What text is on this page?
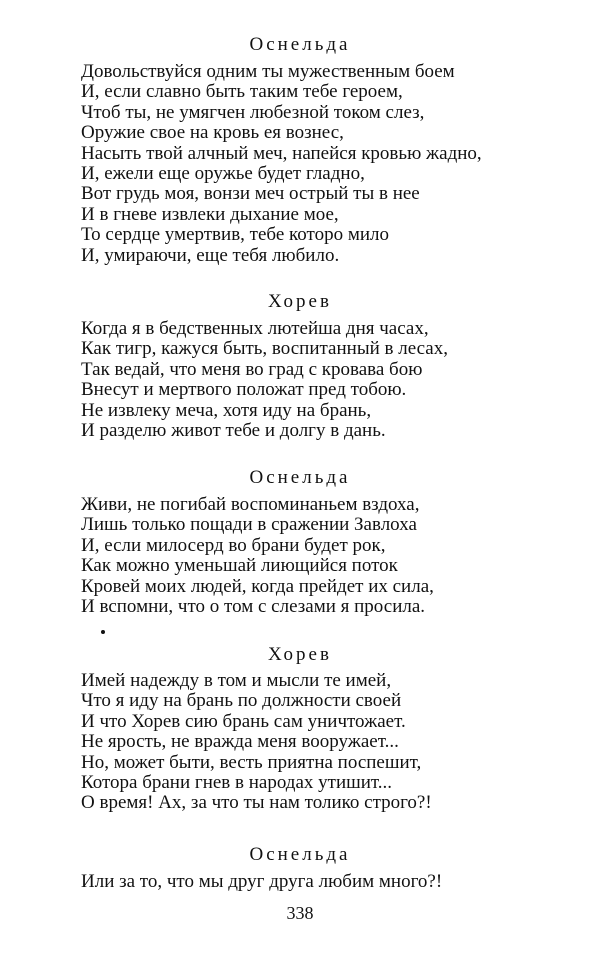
Оснельда
Довольствуйся одним ты мужественным боем
И, если славно быть таким тебе героем,
Чтоб ты, не умягчен любезной током слез,
Оружие свое на кровь ея вознес,
Насыть твой алчный меч, напейся кровью жадно,
И, ежели еще оружье будет гладно,
Вот грудь моя, вонзи меч острый ты в нее
И в гневе извлеки дыхание мое,
То сердце умертвив, тебе которо мило
И, умираючи, еще тебя любило.
Хорев
Когда я в бедственных лютейша дня часах,
Как тигр, кажуся быть, воспитанный в лесах,
Так ведай, что меня во град с кровава бою
Внесут и мертвого положат пред тобою.
Не извлеку меча, хотя иду на брань,
И разделю живот тебе и долгу в дань.
Оснельда
Живи, не погибай воспоминаньем вздоха,
Лишь только пощади в сражении Завлоха
И, если милосерд во брани будет рок,
Как можно уменьшай лиющийся поток
Кровей моих людей, когда прейдет их сила,
И вспомни, что о том с слезами я просила.
Хорев
Имей надежду в том и мысли те имей,
Что я иду на брань по должности своей
И что Хорев сию брань сам уничтожает.
Не ярость, не вражда меня вооружает...
Но, может быти, весть приятна поспешит,
Котора брани гнев в народах утишит...
О время! Ах, за что ты нам толико строго?!
Оснельда
Или за то, что мы друг друга любим много?!
338
